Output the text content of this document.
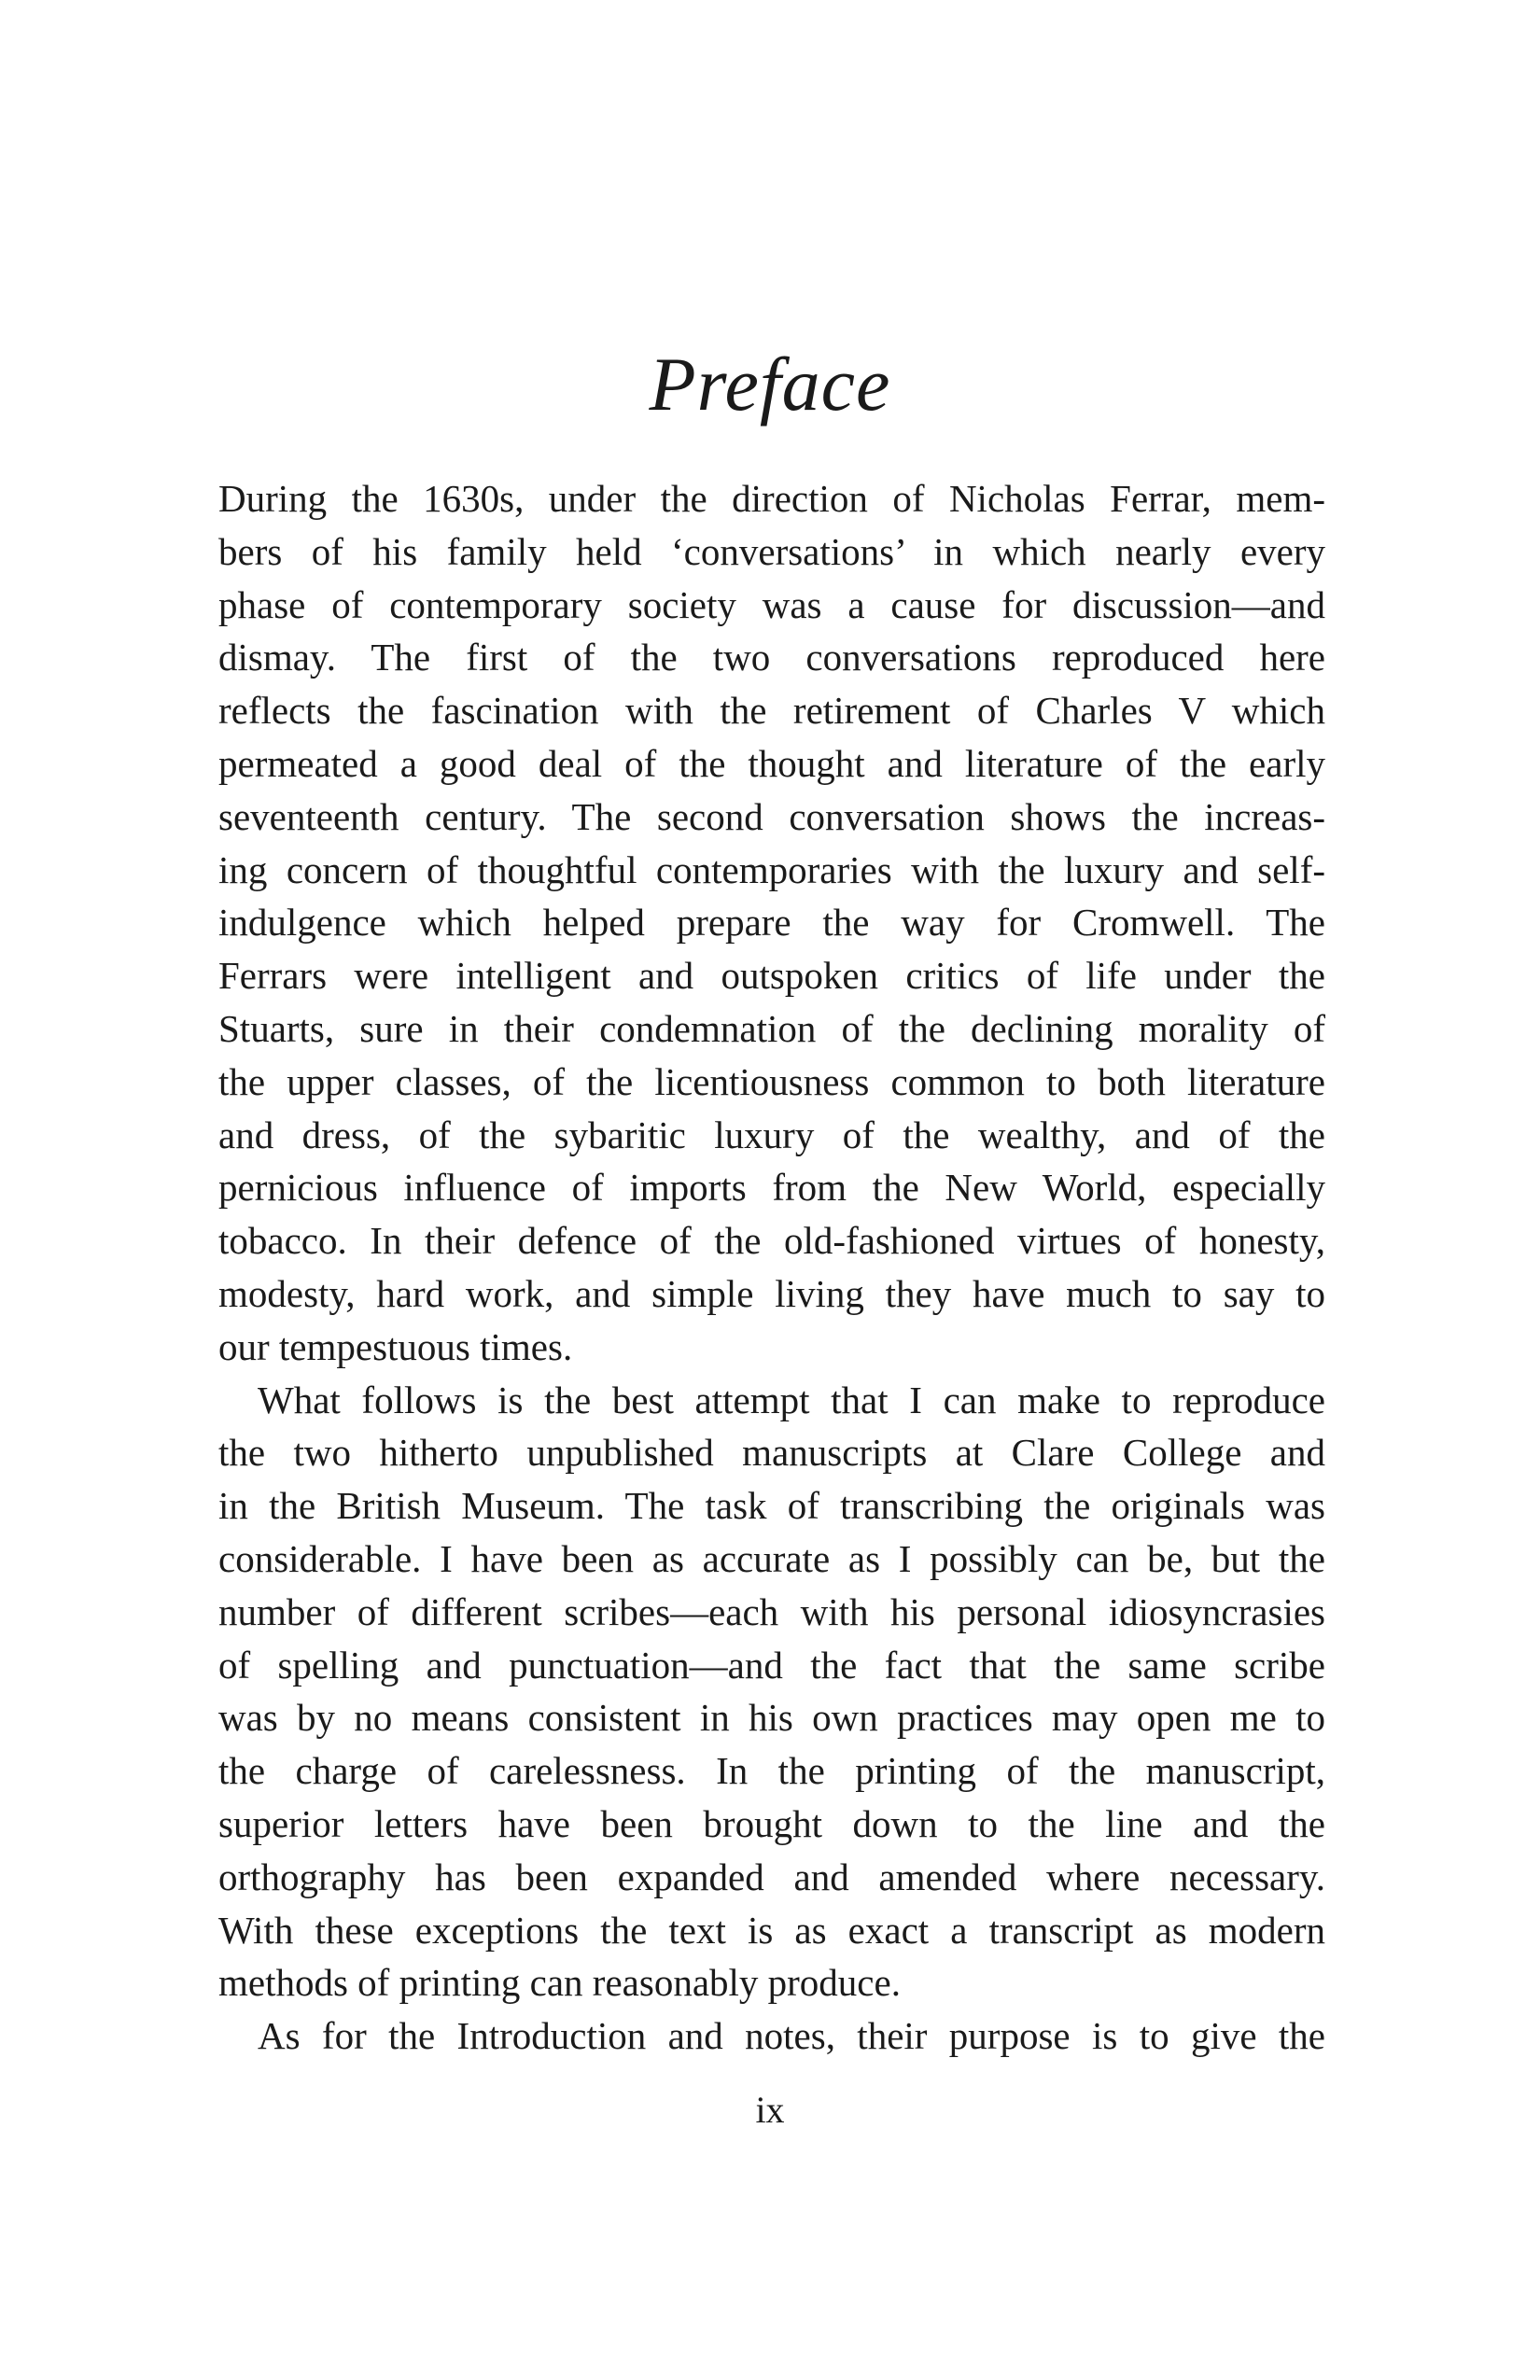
Preface
During the 1630s, under the direction of Nicholas Ferrar, mem-
bers of his family held ‘conversations’ in which nearly every
phase of contemporary society was a cause for discussion—and
dismay. The first of the two conversations reproduced here
reflects the fascination with the retirement of Charles V which
permeated a good deal of the thought and literature of the early
seventeenth century. The second conversation shows the increas-
ing concern of thoughtful contemporaries with the luxury and self-
indulgence which helped prepare the way for Cromwell. The
Ferrars were intelligent and outspoken critics of life under the
Stuarts, sure in their condemnation of the declining morality of
the upper classes, of the licentiousness common to both literature
and dress, of the sybaritic luxury of the wealthy, and of the
pernicious influence of imports from the New World, especially
tobacco. In their defence of the old-fashioned virtues of honesty,
modesty, hard work, and simple living they have much to say to
our tempestuous times.
What follows is the best attempt that I can make to reproduce
the two hitherto unpublished manuscripts at Clare College and
in the British Museum. The task of transcribing the originals was
considerable. I have been as accurate as I possibly can be, but the
number of different scribes—each with his personal idiosyncrasies
of spelling and punctuation—and the fact that the same scribe
was by no means consistent in his own practices may open me to
the charge of carelessness. In the printing of the manuscript,
superior letters have been brought down to the line and the
orthography has been expanded and amended where necessary.
With these exceptions the text is as exact a transcript as modern
methods of printing can reasonably produce.
As for the Introduction and notes, their purpose is to give the
ix
